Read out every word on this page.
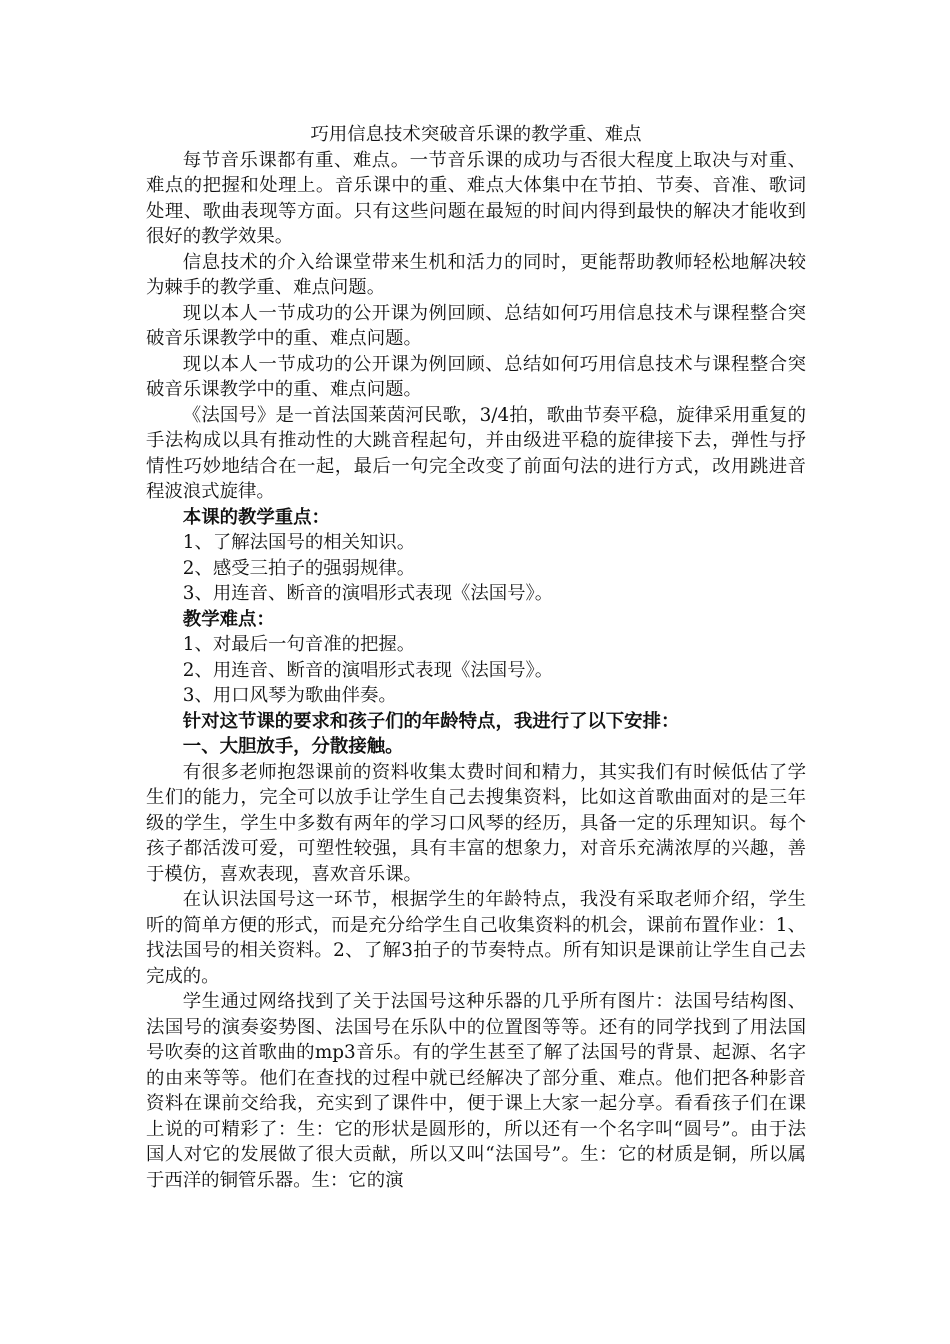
巧用信息技术突破音乐课的教学重、难点

每节音乐课都有重、难点。一节音乐课的成功与否很大程度上取决与对重、难点的把握和处理上。音乐课中的重、难点大体集中在节拍、节奏、音准、歌词处理、歌曲表现等方面。只有这些问题在最短的时间内得到最快的解决才能收到很好的教学效果。

信息技术的介入给课堂带来生机和活力的同时，更能帮助教师轻松地解决较为棘手的教学重、难点问题。

现以本人一节成功的公开课为例回顾、总结如何巧用信息技术与课程整合突破音乐课教学中的重、难点问题。

现以本人一节成功的公开课为例回顾、总结如何巧用信息技术与课程整合突破音乐课教学中的重、难点问题。

《法国号》是一首法国莱茵河民歌，3/4拍，歌曲节奏平稳，旋律采用重复的手法构成以具有推动性的大跳音程起句，并由级进平稳的旋律接下去，弹性与抒情性巧妙地结合在一起，最后一句完全改变了前面句法的进行方式，改用跳进音程波浪式旋律。

本课的教学重点：

1、了解法国号的相关知识。

2、感受三拍子的强弱规律。

3、用连音、断音的演唱形式表现《法国号》。

教学难点：

1、对最后一句音准的把握。

2、用连音、断音的演唱形式表现《法国号》。

3、用口风琴为歌曲伴奏。

针对这节课的要求和孩子们的年龄特点，我进行了以下安排：

一、大胆放手，分散接触。

有很多老师抱怨课前的资料收集太费时间和精力，其实我们有时候低估了学生们的能力，完全可以放手让学生自己去搜集资料，比如这首歌曲面对的是三年级的学生，学生中多数有两年的学习口风琴的经历，具备一定的乐理知识。每个孩子都活泼可爱，可塑性较强，具有丰富的想象力，对音乐充满浓厚的兴趣，善于模仿，喜欢表现，喜欢音乐课。

在认识法国号这一环节，根据学生的年龄特点，我没有采取老师介绍，学生听的简单方便的形式，而是充分给学生自己收集资料的机会，课前布置作业：1、找法国号的相关资料。2、了解3拍子的节奏特点。所有知识是课前让学生自己去完成的。

学生通过网络找到了关于法国号这种乐器的几乎所有图片：法国号结构图、法国号的演奏姿势图、法国号在乐队中的位置图等等。还有的同学找到了用法国号吹奏的这首歌曲的mp3音乐。有的学生甚至了解了法国号的背景、起源、名字的由来等等。他们在查找的过程中就已经解决了部分重、难点。他们把各种影音资料在课前交给我，充实到了课件中，便于课上大家一起分享。看看孩子们在课上说的可精彩了：生：它的形状是圆形的，所以还有一个名字叫“圆号”。由于法国人对它的发展做了很大贡献，所以又叫“法国号”。生：它的材质是铜，所以属于西洋的铜管乐器。生：它的演
